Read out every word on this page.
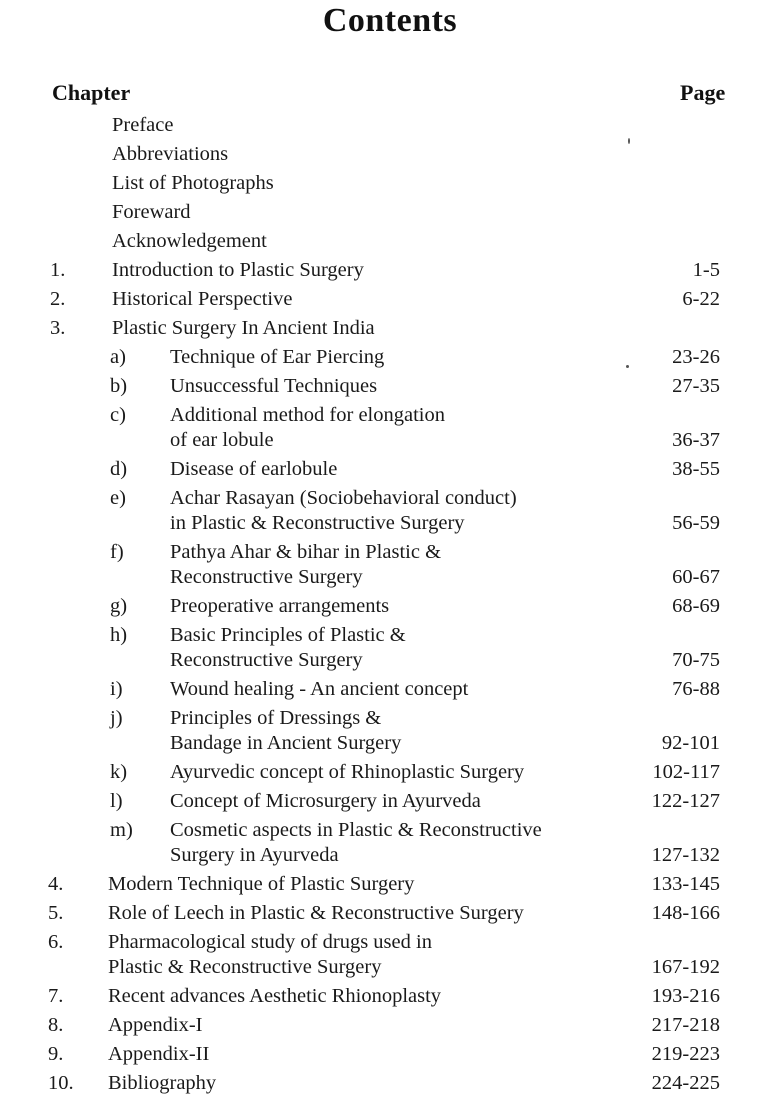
Contents
Chapter	Page
Preface
Abbreviations
List of Photographs
Foreward
Acknowledgement
1. Introduction to Plastic Surgery	1-5
2. Historical Perspective	6-22
3. Plastic Surgery In Ancient India
a) Technique of Ear Piercing	23-26
b) Unsuccessful Techniques	27-35
c) Additional method for elongation
of ear lobule	36-37
d) Disease of earlobule	38-55
e) Achar Rasayan (Sociobehavioral conduct)
in Plastic & Reconstructive Surgery	56-59
f) Pathya Ahar & bihar in Plastic &
Reconstructive Surgery	60-67
g) Preoperative arrangements	68-69
h) Basic Principles of Plastic &
Reconstructive Surgery	70-75
i) Wound healing - An ancient concept	76-88
j) Principles of Dressings &
Bandage in Ancient Surgery	92-101
k) Ayurvedic concept of Rhinoplastic Surgery	102-117
l) Concept of Microsurgery in Ayurveda	122-127
m) Cosmetic aspects in Plastic & Reconstructive
Surgery in Ayurveda	127-132
4. Modern Technique of Plastic Surgery	133-145
5. Role of Leech in Plastic & Reconstructive Surgery	148-166
6. Pharmacological study of drugs used in
Plastic & Reconstructive Surgery	167-192
7. Recent advances Aesthetic Rhionoplasty	193-216
8. Appendix-I	217-218
9. Appendix-II	219-223
10. Bibliography	224-225
